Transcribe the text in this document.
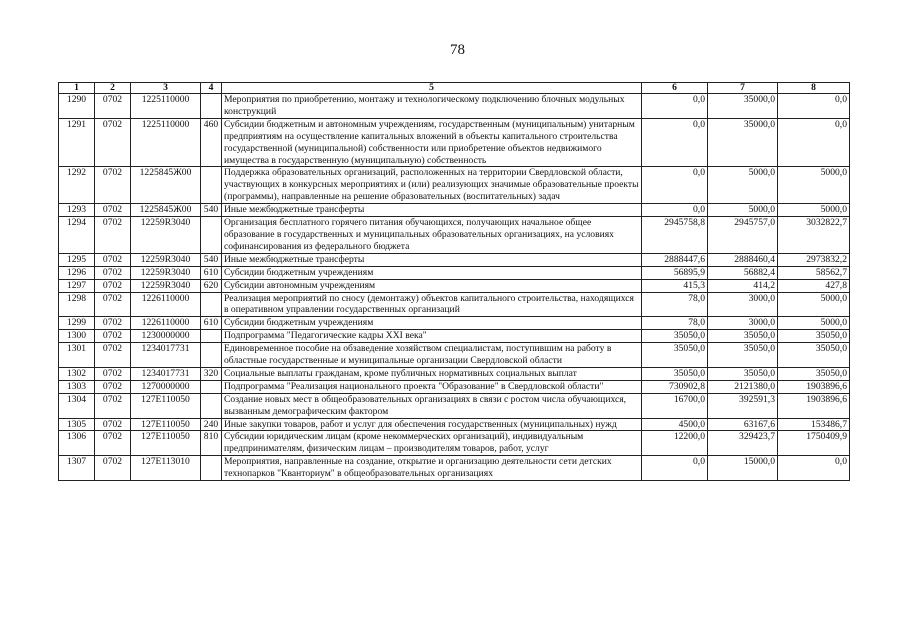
78
1	2	3	4	5	6	7	8
1290	0702	1225110000		Мероприятия по приобретению, монтажу и технологическому подключению блочных модульных конструкций	0,0	35000,0	0,0
1291	0702	1225110000	460	Субсидии бюджетным и автономным учреждениям, государственным (муниципальным) унитарным предприятиям на осуществление капитальных вложений в объекты капитального строительства государственной (муниципальной) собственности или приобретение объектов недвижимого имущества в государственную (муниципальную) собственность	0,0	35000,0	0,0
1292	0702	1225845Ж00		Поддержка образовательных организаций, расположенных на территории Свердловской области, участвующих в конкурсных мероприятиях и (или) реализующих значимые образовательные проекты (программы), направленные на решение образовательных (воспитательных) задач	0,0	5000,0	5000,0
1293	0702	1225845Ж00	540	Иные межбюджетные трансферты	0,0	5000,0	5000,0
1294	0702	12259R3040		Организация бесплатного горячего питания обучающихся, получающих начальное общее образование в государственных и муниципальных образовательных организациях, на условиях софинансирования из федерального бюджета	2945758,8	2945757,0	3032822,7
1295	0702	12259R3040	540	Иные межбюджетные трансферты	2888447,6	2888460,4	2973832,2
1296	0702	12259R3040	610	Субсидии бюджетным учреждениям	56895,9	56882,4	58562,7
1297	0702	12259R3040	620	Субсидии автономным учреждениям	415,3	414,2	427,8
1298	0702	1226110000		Реализация мероприятий по сносу (демонтажу) объектов капитального строительства, находящихся в оперативном управлении государственных организаций	78,0	3000,0	5000,0
1299	0702	1226110000	610	Субсидии бюджетным учреждениям	78,0	3000,0	5000,0
1300	0702	1230000000		Подпрограмма "Педагогические кадры XXI века"	35050,0	35050,0	35050,0
1301	0702	1234017731		Единовременное пособие на обзаведение хозяйством специалистам, поступившим на работу в областные государственные и муниципальные организации Свердловской области	35050,0	35050,0	35050,0
1302	0702	1234017731	320	Социальные выплаты гражданам, кроме публичных нормативных социальных выплат	35050,0	35050,0	35050,0
1303	0702	1270000000		Подпрограмма "Реализация национального проекта "Образование" в Свердловской области"	730902,8	2121380,0	1903896,6
1304	0702	127E110050		Создание новых мест в общеобразовательных организациях в связи с ростом числа обучающихся, вызванным демографическим фактором	16700,0	392591,3	1903896,6
1305	0702	127E110050	240	Иные закупки товаров, работ и услуг для обеспечения государственных (муниципальных) нужд	4500,0	63167,6	153486,7
1306	0702	127E110050	810	Субсидии юридическим лицам (кроме некоммерческих организаций), индивидуальным предпринимателям, физическим лицам – производителям товаров, работ, услуг	12200,0	329423,7	1750409,9
1307	0702	127E113010		Мероприятия, направленные на создание, открытие и организацию деятельности сети детских технопарков "Кванториум" в общеобразовательных организациях	0,0	15000,0	0,0
